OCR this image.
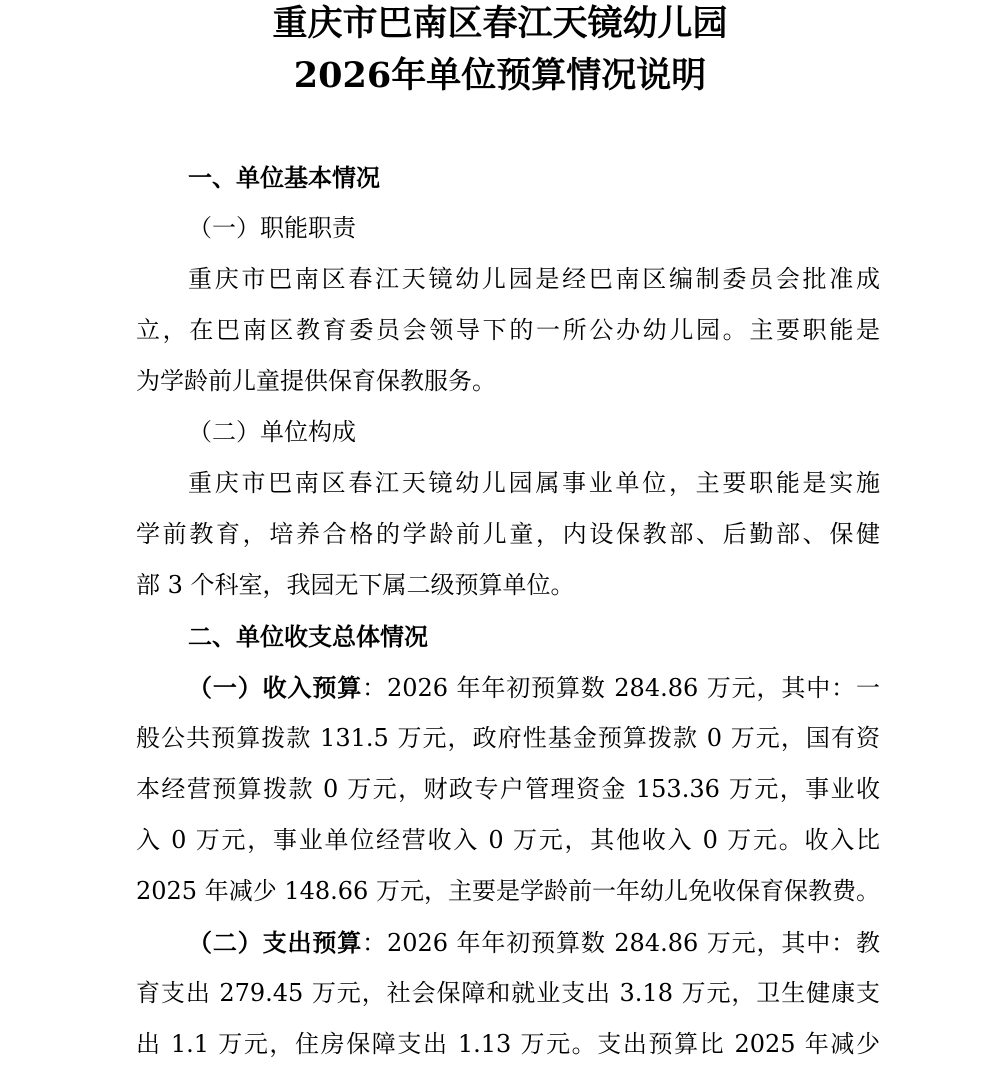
重庆市巴南区春江天镜幼儿园
2026年单位预算情况说明
一、单位基本情况
（一）职能职责
重庆市巴南区春江天镜幼儿园是经巴南区编制委员会批准成
立，在巴南区教育委员会领导下的一所公办幼儿园。主要职能是
为学龄前儿童提供保育保教服务。
（二）单位构成
重庆市巴南区春江天镜幼儿园属事业单位，主要职能是实施
学前教育，培养合格的学龄前儿童，内设保教部、后勤部、保健
部 3 个科室，我园无下属二级预算单位。
二、单位收支总体情况
（一）收入预算：2026 年年初预算数 284.86 万元，其中：一
般公共预算拨款 131.5 万元，政府性基金预算拨款 0 万元，国有资
本经营预算拨款 0 万元，财政专户管理资金 153.36 万元，事业收
入 0 万元，事业单位经营收入 0 万元，其他收入 0 万元。收入比
2025 年减少 148.66 万元，主要是学龄前一年幼儿免收保育保教费。
（二）支出预算：2026 年年初预算数 284.86 万元，其中：教
育支出 279.45 万元，社会保障和就业支出 3.18 万元，卫生健康支
出 1.1 万元，住房保障支出 1.13 万元。支出预算比 2025 年减少
